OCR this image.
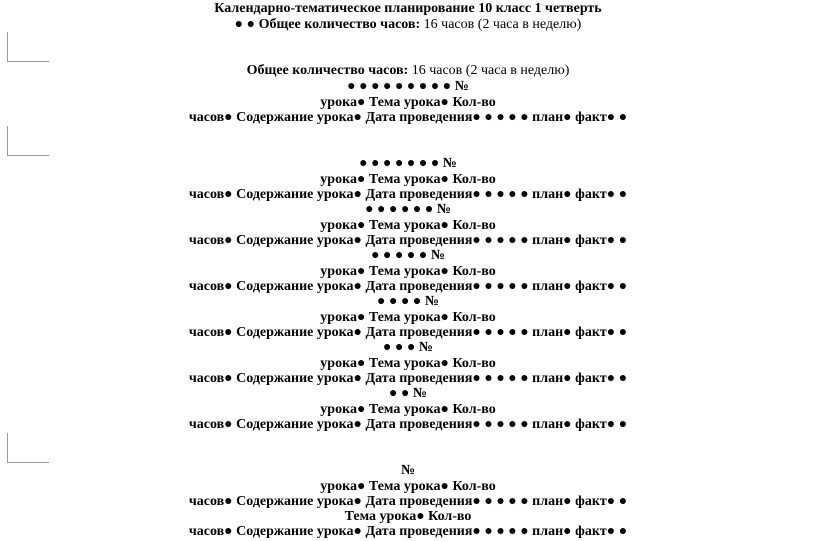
Календарно-тематическое планирование 10 класс 1 четверть
● ● Общее количество часов: 16 часов (2 часа в неделю)
Общее количество часов: 16 часов (2 часа в неделю)
● ● ● ● ● ● ● ● ● №
урока● Тема урока● Кол-во
часов● Содержание урока● Дата проведения● ● ● ● ● план● факт● ●
● ● ● ● ● ● ● №
урока● Тема урока● Кол-во
часов● Содержание урока● Дата проведения● ● ● ● ● план● факт● ●
● ● ● ● ● ● №
урока● Тема урока● Кол-во
часов● Содержание урока● Дата проведения● ● ● ● ● план● факт● ●
● ● ● ● ● №
урока● Тема урока● Кол-во
часов● Содержание урока● Дата проведения● ● ● ● ● план● факт● ●
● ● ● ● №
урока● Тема урока● Кол-во
часов● Содержание урока● Дата проведения● ● ● ● ● план● факт● ●
● ● ● №
урока● Тема урока● Кол-во
часов● Содержание урока● Дата проведения● ● ● ● ● план● факт● ●
● ● №
урока● Тема урока● Кол-во
часов● Содержание урока● Дата проведения● ● ● ● ● план● факт● ●
№
урока● Тема урока● Кол-во
часов● Содержание урока● Дата проведения● ● ● ● ● план● факт● ●
Тема урока● Кол-во
часов● Содержание урока● Дата проведения● ● ● ● ● план● факт● ●
